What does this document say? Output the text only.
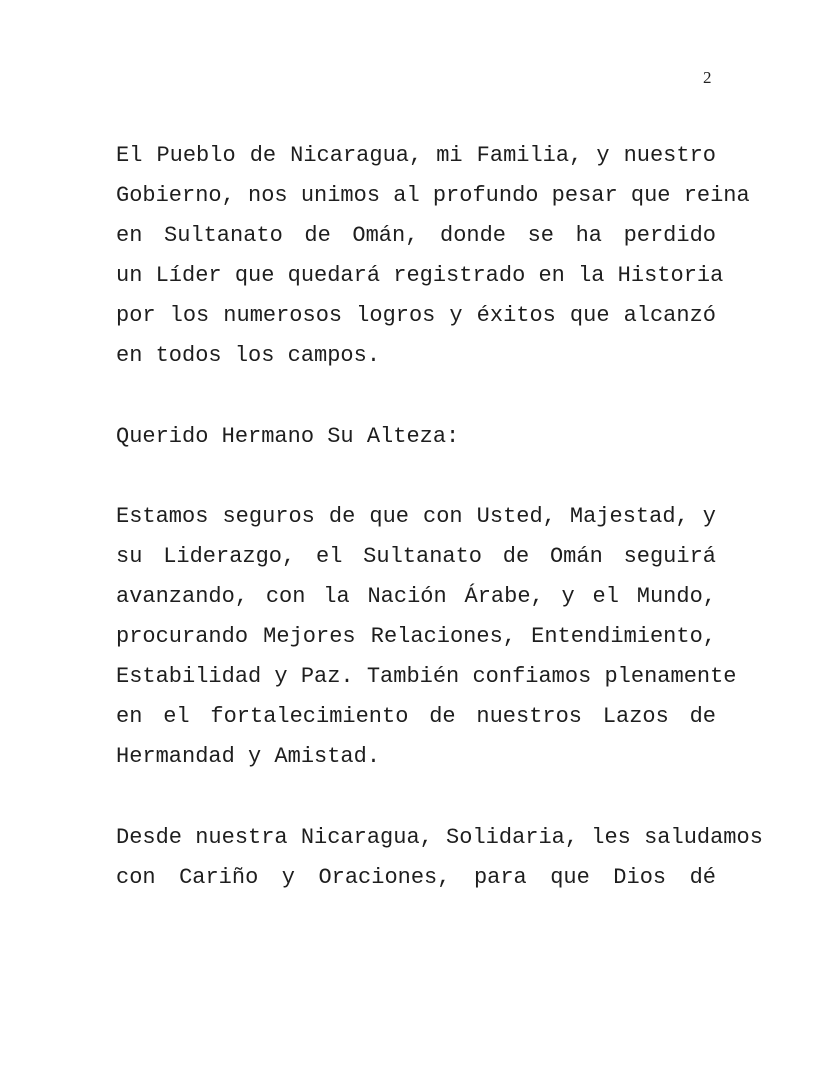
2
El Pueblo de Nicaragua, mi Familia, y nuestro
Gobierno, nos unimos al profundo pesar que reina
en Sultanato de Omán, donde se ha perdido
un Líder que quedará registrado en la Historia
por los numerosos logros y éxitos que alcanzó
en todos los campos.
Querido Hermano Su Alteza:
Estamos seguros de que con Usted, Majestad, y
su Liderazgo, el Sultanato de Omán seguirá
avanzando, con la Nación Árabe, y el Mundo,
procurando Mejores Relaciones, Entendimiento,
Estabilidad y Paz. También confiamos plenamente
en el fortalecimiento de nuestros Lazos de
Hermandad y Amistad.
Desde nuestra Nicaragua, Solidaria, les saludamos
con Cariño y Oraciones, para que Dios dé
